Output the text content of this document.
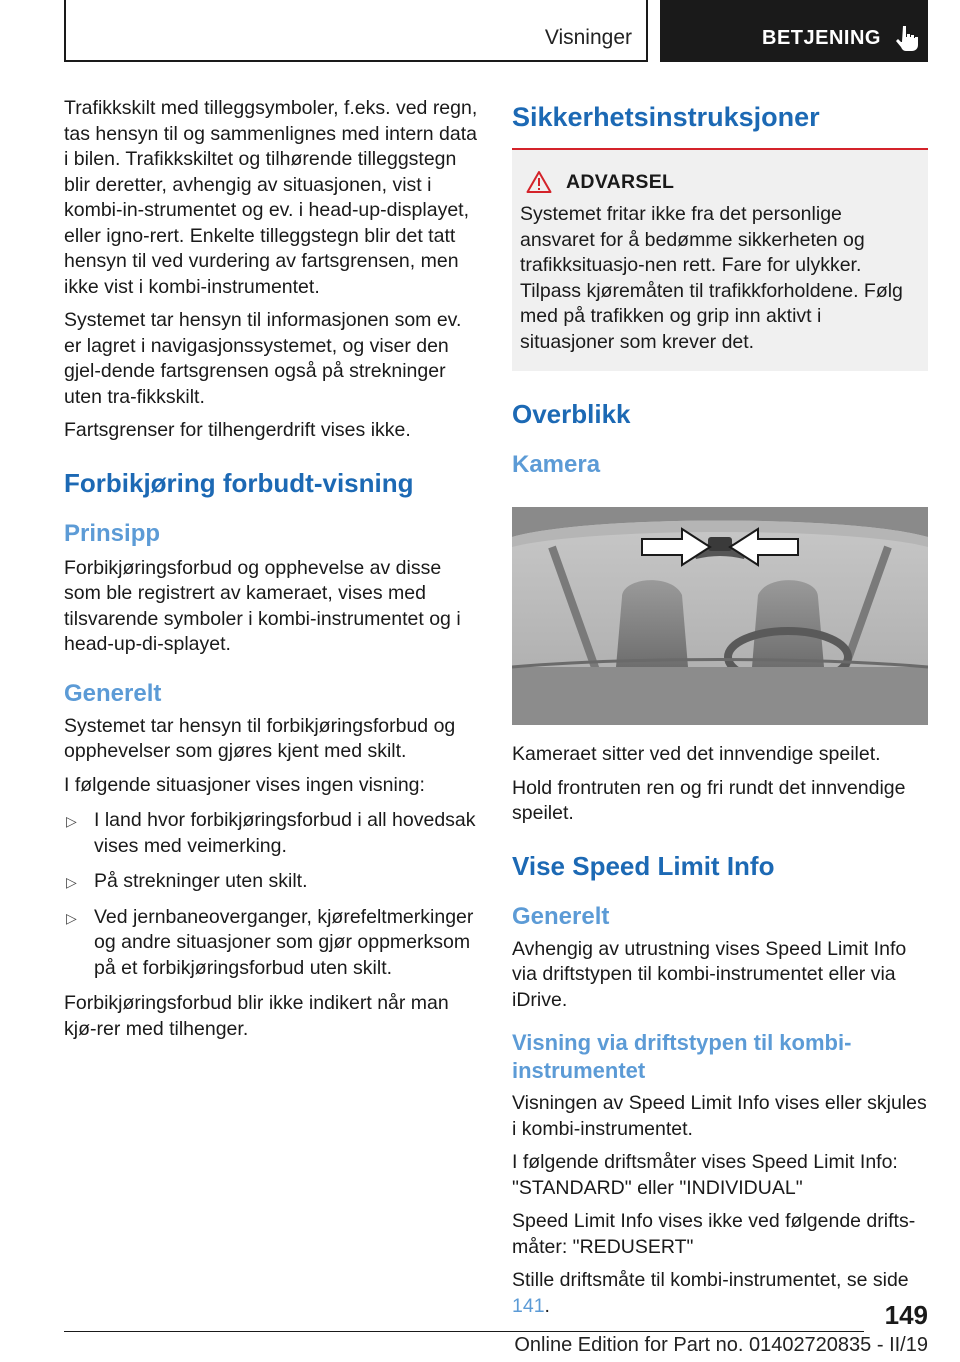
Visninger	BETJENING

Trafikkskilt med tilleggsymboler, f.eks. ved regn, tas hensyn til og sammenlignes med intern data i bilen. Trafikkskiltet og tilhørende tilleggstegn blir deretter, avhengig av situasjonen, vist i kombi-in-strumentet og ev. i head-up-displayet, eller igno-rert. Enkelte tilleggstegn blir det tatt hensyn til ved vurdering av fartsgrensen, men ikke vist i kombi-instrumentet.

Systemet tar hensyn til informasjonen som ev. er lagret i navigasjonssystemet, og viser den gjel-dende fartsgrensen også på strekninger uten tra-fikkskilt.

Fartsgrenser for tilhengerdrift vises ikke.

Forbikjøring forbudt-visning
Prinsipp

Forbikjøringsforbud og opphevelse av disse som ble registrert av kameraet, vises med tilsvarende symboler i kombi-instrumentet og i head-up-di-splayet.

Generelt

Systemet tar hensyn til forbikjøringsforbud og opphevelser som gjøres kjent med skilt.

I følgende situasjoner vises ingen visning:

▷ I land hvor forbikjøringsforbud i all hovedsak vises med veimerking.
▷ På strekninger uten skilt.
▷ Ved jernbaneoverganger, kjørefeltmerkinger og andre situasjoner som gjør oppmerksom på et forbikjøringsforbud uten skilt.

Forbikjøringsforbud blir ikke indikert når man kjø-rer med tilhenger.

Sikkerhetsinstruksjoner
ADVARSEL

Systemet fritar ikke fra det personlige ansvaret for å bedømme sikkerheten og trafikksituasjo-nen rett. Fare for ulykker. Tilpass kjøremåten til trafikkforholdene. Følg med på trafikken og grip inn aktivt i situasjoner som krever det.

Overblikk
Kamera

Kameraet sitter ved det innvendige speilet.

Hold frontruten ren og fri rundt det innvendige speilet.

Vise Speed Limit Info
Generelt

Avhengig av utrustning vises Speed Limit Info via driftstypen til kombi-instrumentet eller via iDrive.

Visning via driftstypen til kombi-instrumentet

Visningen av Speed Limit Info vises eller skjules i kombi-instrumentet.

I følgende driftsmåter vises Speed Limit Info: "STANDARD" eller "INDIVIDUAL"

Speed Limit Info vises ikke ved følgende drifts-måter: "REDUSERT"

Stille driftsmåte til kombi-instrumentet, se side 141.	149
Online Edition for Part no. 01402720835 - II/19
